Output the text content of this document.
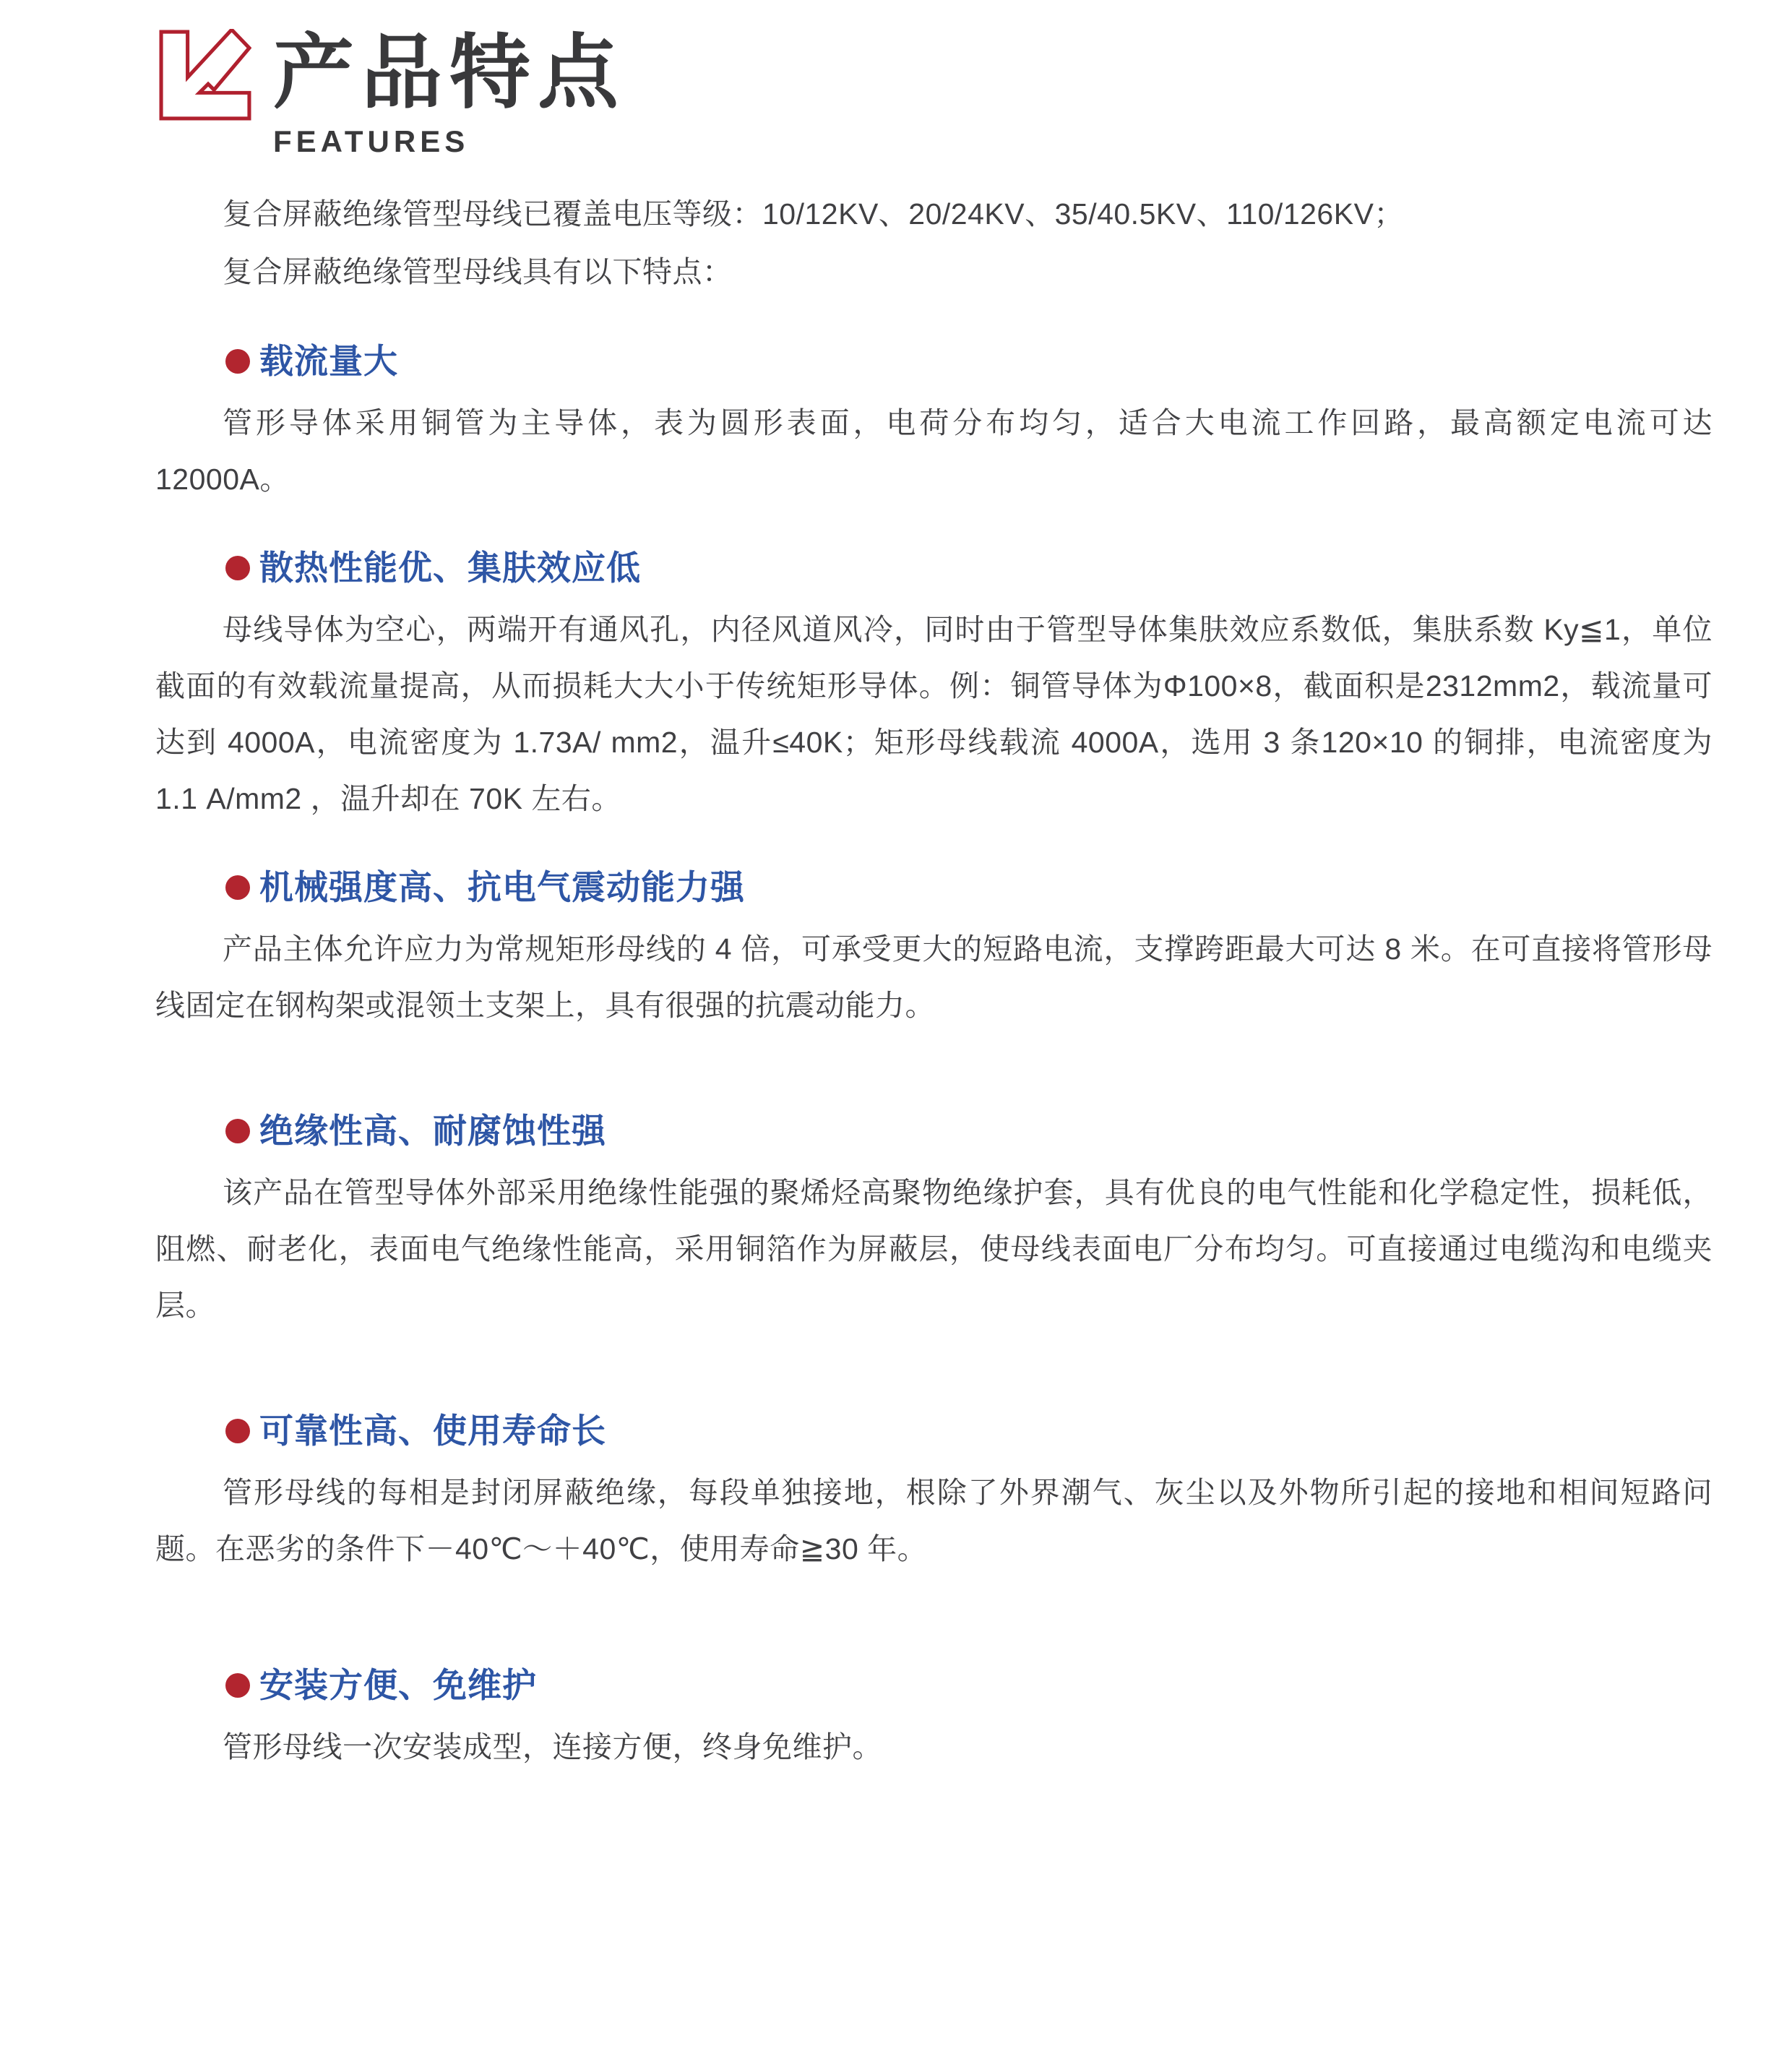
产品特点
FEATURES

复合屏蔽绝缘管型母线已覆盖电压等级：10/12KV、20/24KV、35/40.5KV、110/126KV；

复合屏蔽绝缘管型母线具有以下特点：

载流量大

管形导体采用铜管为主导体，表为圆形表面，电荷分布均匀，适合大电流工作回路，最高额定电流可达 12000A。

散热性能优、集肤效应低

母线导体为空心，两端开有通风孔，内径风道风冷，同时由于管型导体集肤效应系数低，集肤系数 Ky≦1，单位截面的有效载流量提高，从而损耗大大小于传统矩形导体。例：铜管导体为Φ100×8，截面积是2312mm2，载流量可达到 4000A，电流密度为 1.73A/ mm2，温升≤40K；矩形母线载流 4000A，选用 3 条120×10 的铜排，电流密度为 1.1 A/mm2 ，温升却在 70K 左右。

机械强度高、抗电气震动能力强

产品主体允许应力为常规矩形母线的 4 倍，可承受更大的短路电流，支撑跨距最大可达 8 米。在可直接将管形母线固定在钢构架或混领土支架上，具有很强的抗震动能力。

绝缘性高、耐腐蚀性强

该产品在管型导体外部采用绝缘性能强的聚烯烃高聚物绝缘护套，具有优良的电气性能和化学稳定性，损耗低，阻燃、耐老化，表面电气绝缘性能高，采用铜箔作为屏蔽层，使母线表面电厂分布均匀。可直接通过电缆沟和电缆夹层。

可靠性高、使用寿命长

管形母线的每相是封闭屏蔽绝缘，每段单独接地，根除了外界潮气、灰尘以及外物所引起的接地和相间短路问题。在恶劣的条件下－40℃～＋40℃，使用寿命≧30 年。

安装方便、免维护

管形母线一次安装成型，连接方便，终身免维护。
